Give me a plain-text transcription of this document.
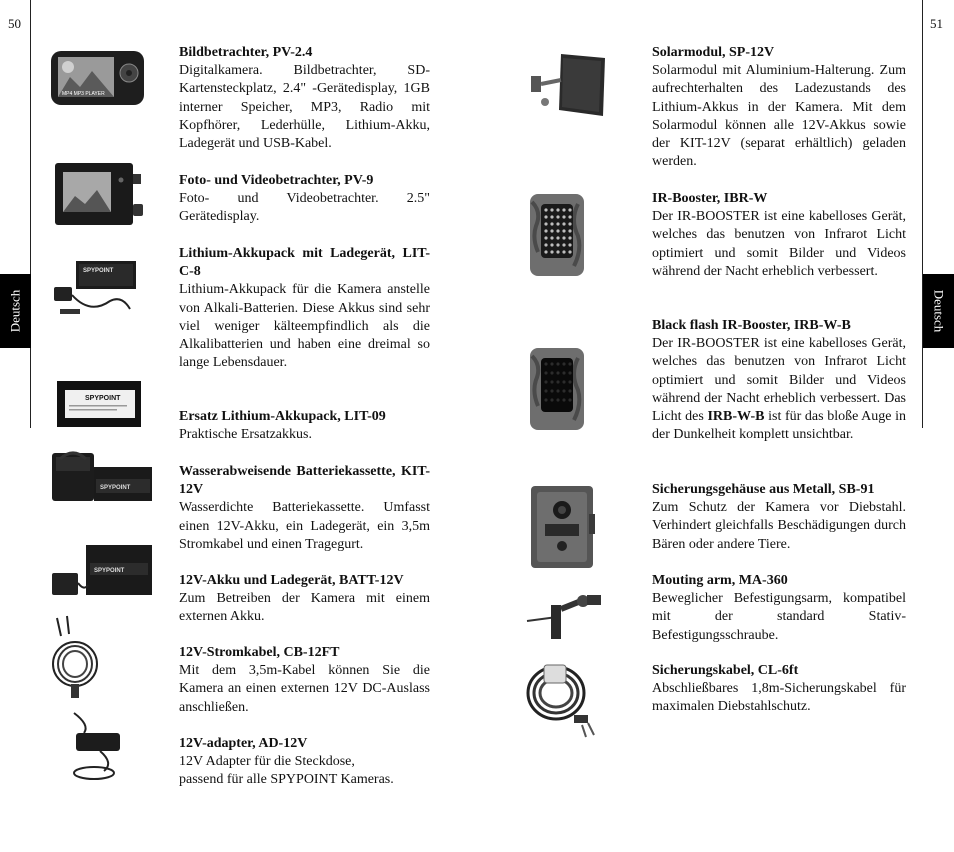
50	51
Deutsch	Deutsch
MP4 MP3 PLAYER
SPYPOINT
SPYPOINT
SPYPOINT
SPYPOINT
Bildbetrachter, PV-2.4
Digitalkamera. Bildbetrachter, SD-Kartensteckplatz, 2.4" -Gerätedisplay, 1GB interner Speicher, MP3, Radio mit Kopfhörer, Lederhülle, Lithium-Akku, Ladegerät und USB-Kabel.
Foto- und Videobetrachter, PV-9
Foto- und Videobetrachter. 2.5" Gerätedisplay.
Lithium-Akkupack mit Ladegerät, LIT-C-8
Lithium-Akkupack für die Kamera anstelle von Alkali-Batterien. Diese Akkus sind sehr viel weniger kälteempfindlich als die Alkalibatterien und haben eine dreimal so lange Lebensdauer.
Ersatz Lithium-Akkupack, LIT-09
Praktische Ersatzakkus.
Wasserabweisende Batteriekassette, KIT-12V
Wasserdichte Batteriekassette. Umfasst einen 12V-Akku, ein Ladegerät, ein 3,5m Stromkabel und einen Tragegurt.
12V-Akku und Ladegerät, BATT-12V
Zum Betreiben der Kamera mit einem externen Akku.
12V-Stromkabel, CB-12FT
Mit dem 3,5m-Kabel können Sie die Kamera an einen externen 12V DC-Auslass anschließen.
12V-adapter, AD-12V
12V Adapter für die Steckdose,
passend für alle SPYPOINT Kameras.
Solarmodul, SP-12V
Solarmodul mit Aluminium-Halterung. Zum aufrechterhalten des Ladezustands des Lithium-Akkus in der Kamera. Mit dem Solarmodul können alle 12V-Akkus sowie der KIT-12V (separat erhältlich) geladen werden.
IR-Booster, IBR-W
Der IR-BOOSTER ist eine kabelloses Gerät, welches das benutzen von Infrarot Licht optimiert und somit Bilder und Videos während der Nacht erheblich verbessert.
Black flash IR-Booster, IRB-W-B
Der IR-BOOSTER ist eine kabelloses Gerät, welches das benutzen von Infrarot Licht optimiert und somit Bilder und Videos während der Nacht erheblich verbessert. Das Licht des IRB-W-B ist für das bloße Auge in der Dunkelheit komplett unsichtbar.
Sicherungsgehäuse aus Metall, SB-91
Zum Schutz der Kamera vor Diebstahl. Verhindert gleichfalls Beschädigungen durch Bären oder andere Tiere.
Mouting arm, MA-360
Beweglicher Befestigungsarm, kompatibel mit der standard Stativ-Befestigungsschraube.
Sicherungskabel, CL-6ft
Abschließbares 1,8m-Sicherungskabel für maximalen Diebstahlschutz.
